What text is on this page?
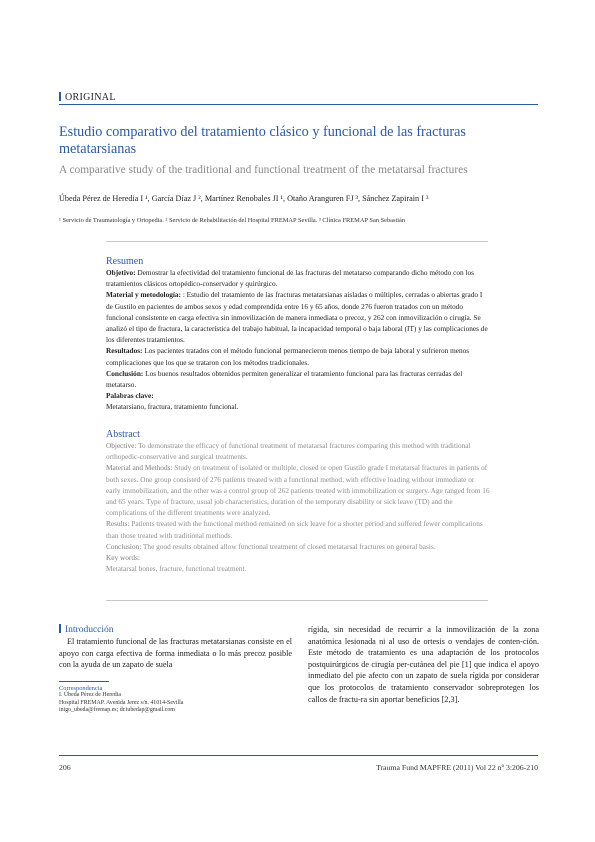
ORIGINAL
Estudio comparativo del tratamiento clásico y funcional de las fracturas metatarsianas
A comparative study of the traditional and functional treatment of the metatarsal fractures
Úbeda Pérez de Heredia I ¹, García Díaz J ², Martínez Renobales JI ¹, Otaño Aranguren FJ ³, Sánchez Zapirain I ³
¹ Servicio de Traumatología y Ortopedia. ² Servicio de Rehabilitación del Hospital FREMAP Sevilla. ³ Clínica FREMAP San Sebastián
Resumen

Objetivo: Demostrar la efectividad del tratamiento funcional de las fracturas del metatarso comparando dicho método con los tratamientos clásicos ortopédico-conservador y quirúrgico.

Material y metodología: : Estudio del tratamiento de las fracturas metatarsianas aisladas o múltiples, cerradas o abiertas grado I de Gustilo en pacientes de ambos sexos y edad comprendida entre 16 y 65 años, donde 276 fueron tratados con un método funcional consistente en carga efectiva sin inmovilización de manera inmediata o precoz, y 262 con inmovilización o cirugía. Se analizó el tipo de fractura, la característica del trabajo habitual, la incapacidad temporal o baja laboral (IT) y las complicaciones de los diferentes tratamientos.

Resultados: Los pacientes tratados con el método funcional permanecieron menos tiempo de baja laboral y sufrieron menos complicaciones que los que se trataron con los métodos tradicionales.

Conclusión: Los buenos resultados obtenidos permiten generalizar el tratamiento funcional para las fracturas cerradas del metatarso.

Palabras clave:

Metatarsiano, fractura, tratamiento funcional.

Abstract

Objective: To demonstrate the efficacy of functional treatment of metatarsal fractures comparing this method with traditional orthopedic-conservative and surgical treatments.

Material and Methods: Study on treatment of isolated or multiple, closed or open Gustilo grade I metatarsal fractures in patients of both sexes. One group consisted of 276 patients treated with a functional method, with effective loading without immediate or early immobilization, and the other was a control group of 262 patients treated with immobilization or surgery. Age ranged from 16 and 65 years. Type of fracture, usual job characteristics, duration of the temporary disability or sick leave (TD) and the complications of the different treatments were analyzed.

Results: Patients treated with the functional method remained on sick leave for a shorter period and suffered fewer complications than those treated with traditional methods.

Conclusion: The good results obtained allow functional treatment of closed metatarsal fractures on general basis.

Key words:

Metatarsal bones, fracture, functional treatment.

Introducción
El tratamiento funcional de las fracturas metatarsianas consiste en el apoyo con carga efectiva de forma inmediata o lo más precoz posible con la ayuda de un zapato de suela
rígida, sin necesidad de recurrir a la inmovilización de la zona anatómica lesionada ni al uso de ortesis o vendajes de conten-ción. Este método de tratamiento es una adaptación de los protocolos postquirúrgicos de cirugía per-cutánea del pie [1] que indica el apoyo inmediato del pie afecto con un zapato de suela rígida por considerar que los protocolos de tratamiento conservador sobreprotegen los callos de fractu-ra sin aportar beneficios [2,3].
Correspondencia
I. Úbeda Pérez de Heredia
Hospital FREMAP. Avenida Jerez s/n. 41014-Sevilla
inigo_ubeda@fremap.es; dr.iubedap@gmail.com
206	Trauma Fund MAPFRE (2011) Vol 22 nº 3:206-210
